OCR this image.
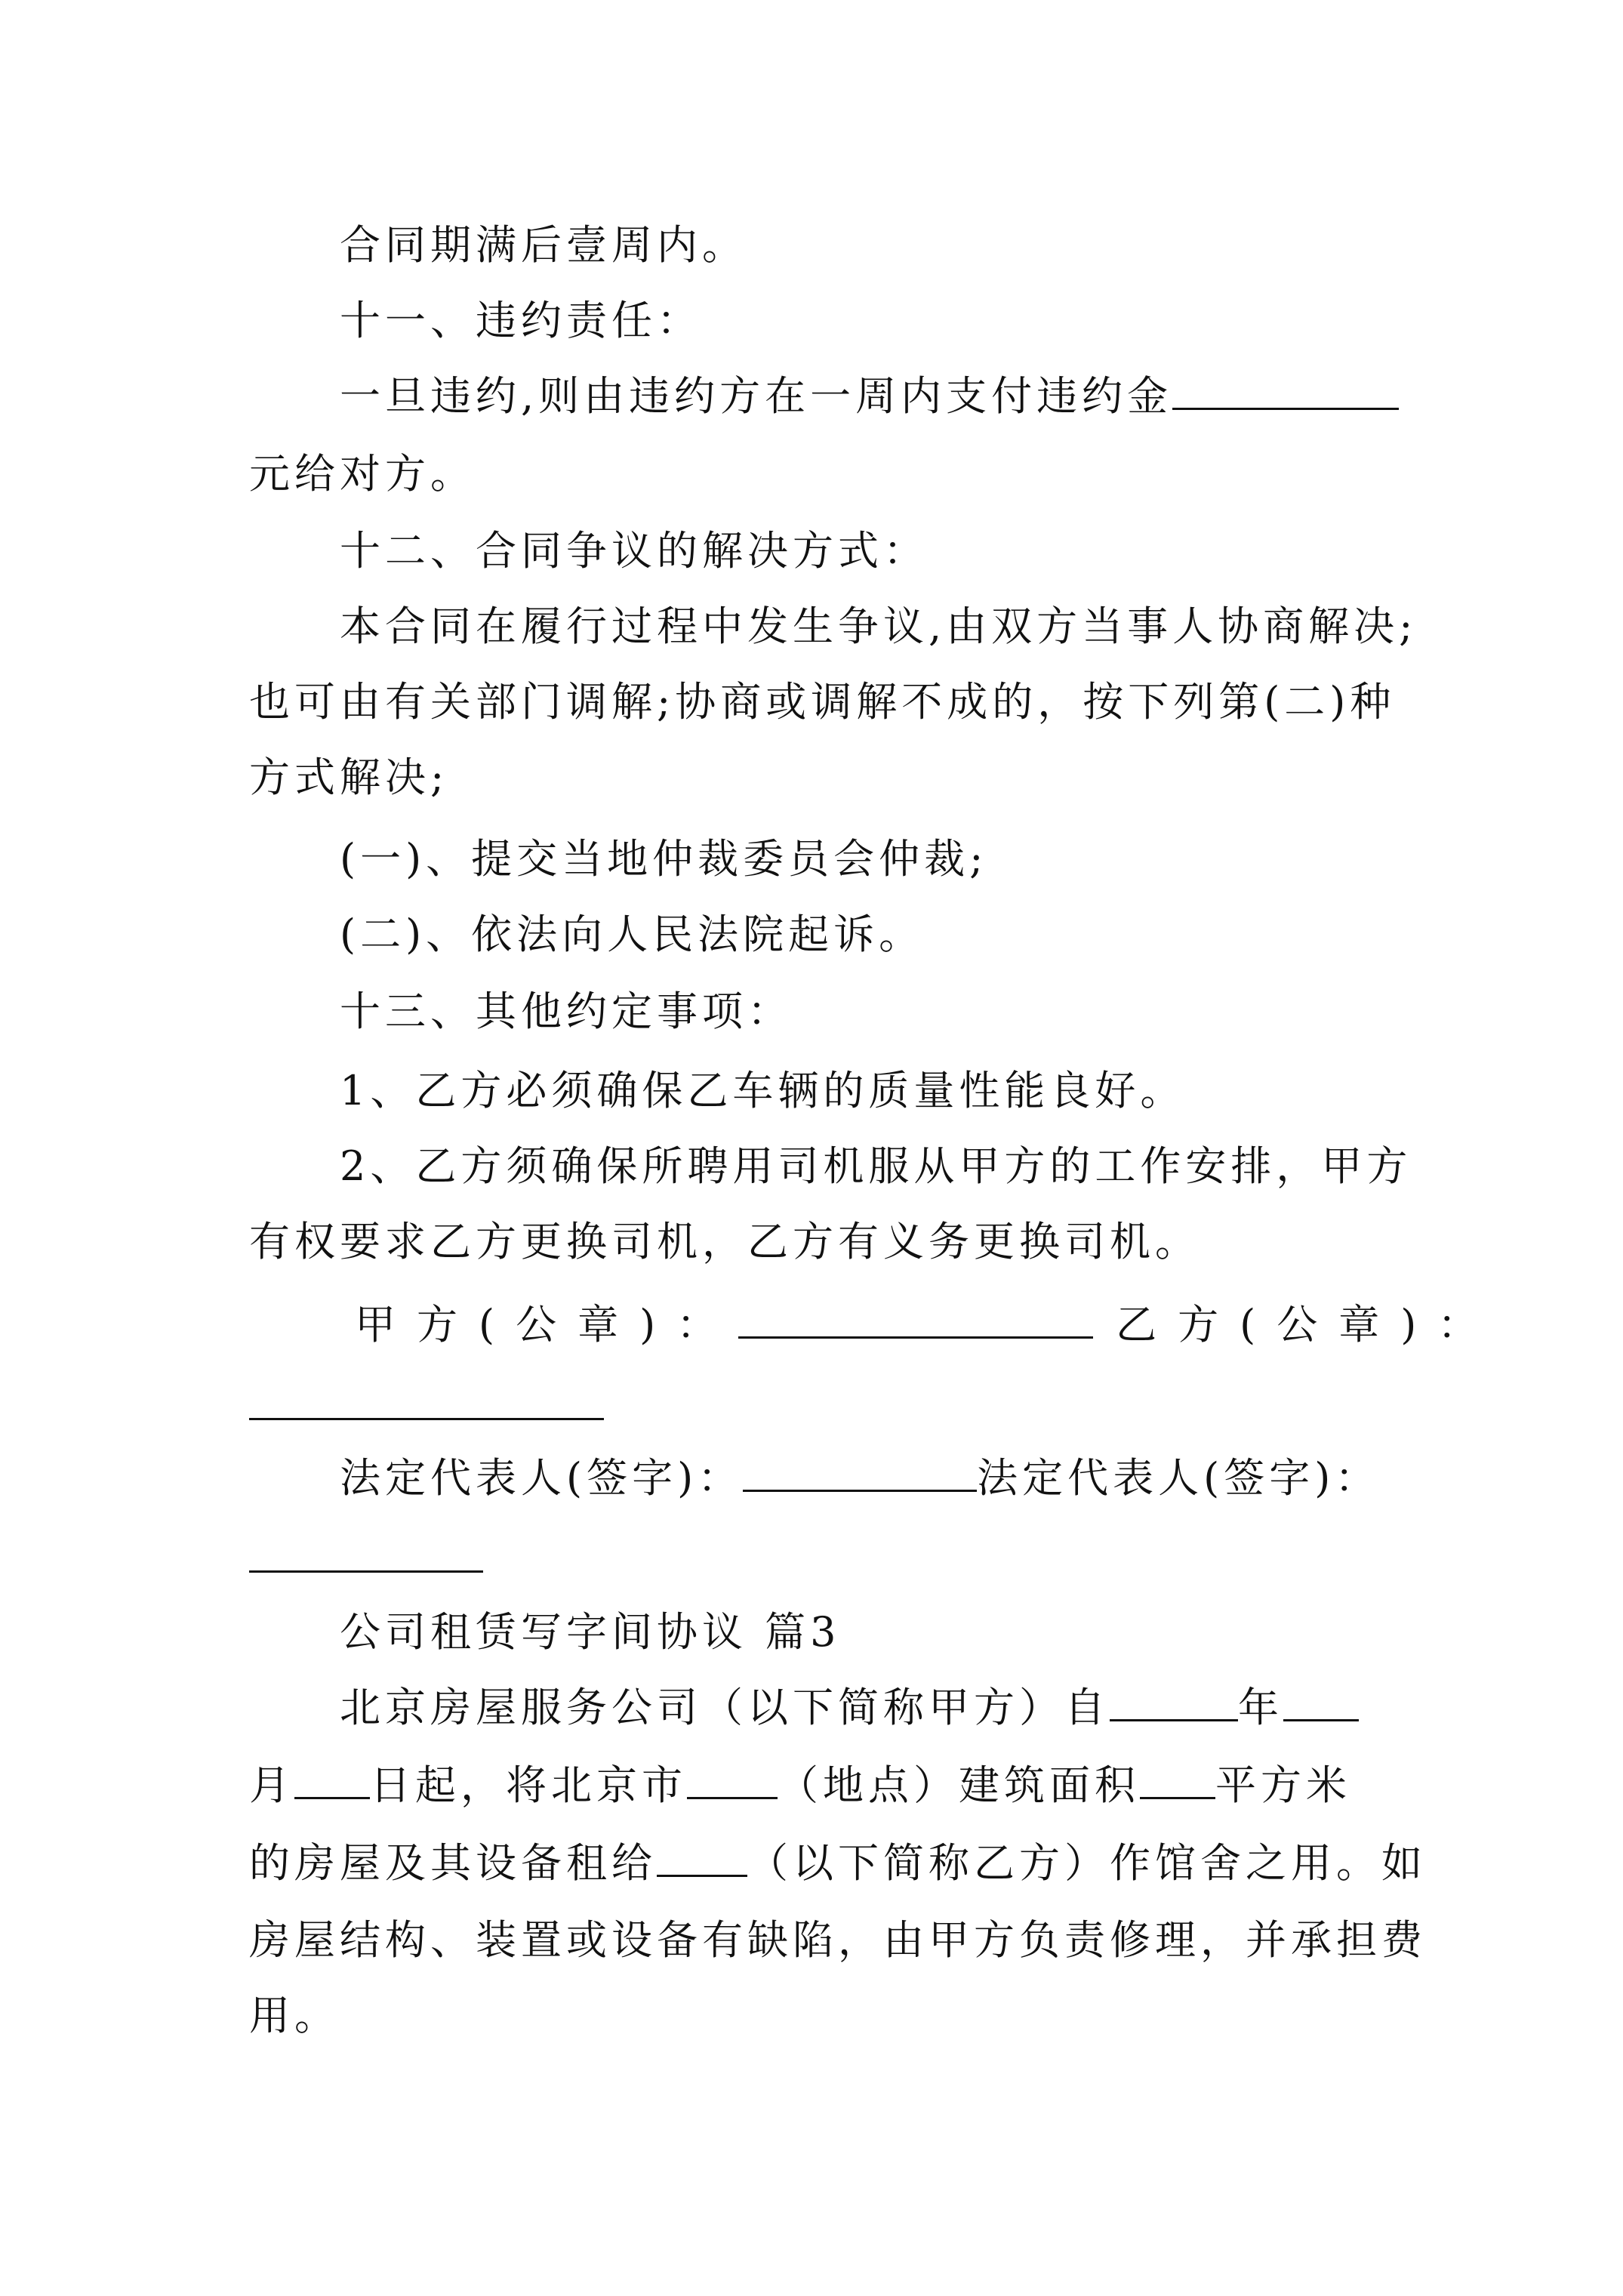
合同期满后壹周内。
十一、违约责任：
一旦违约,则由违约方在一周内支付违约金
元给对方。
十二、合同争议的解决方式：
本合同在履行过程中发生争议,由双方当事人协商解决;
也可由有关部门调解;协商或调解不成的，按下列第(二)种
方式解决;
(一)、提交当地仲裁委员会仲裁;
(二)、依法向人民法院起诉。
十三、其他约定事项：
1、乙方必须确保乙车辆的质量性能良好。
2、乙方须确保所聘用司机服从甲方的工作安排，甲方
有权要求乙方更换司机，乙方有义务更换司机。
甲方(公章)：	乙方(公章)：
法定代表人(签字)：	法定代表人(签字)：
公司租赁写字间协议 篇3
北京房屋服务公司（以下简称甲方）自	年
月 日起，将北京市 （地点）建筑面积 平方米
的房屋及其设备租给 （以下简称乙方）作馆舍之用。如
房屋结构、装置或设备有缺陷，由甲方负责修理，并承担费
用。
